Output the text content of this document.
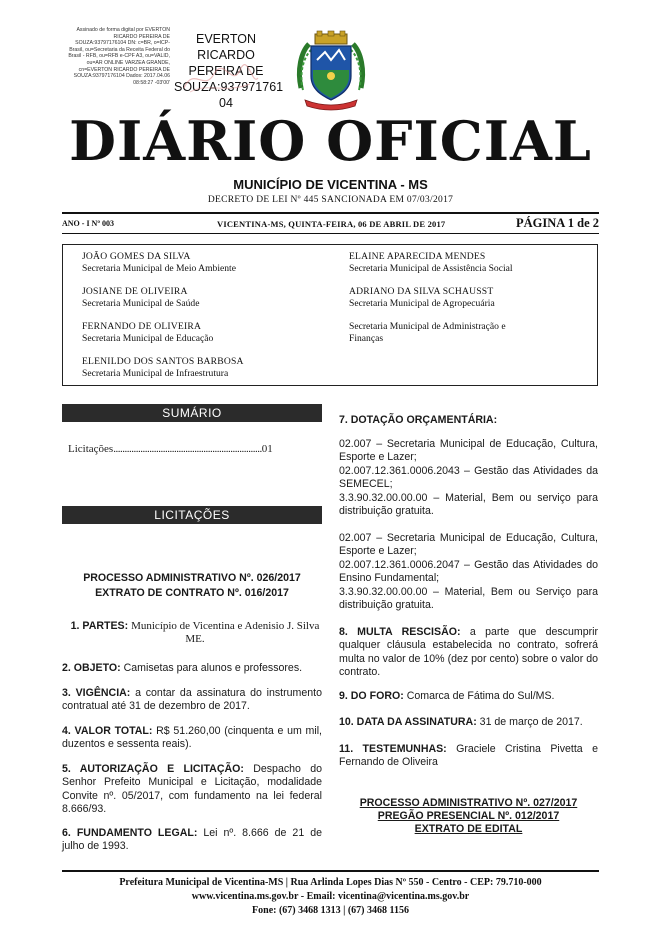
Assinado de forma digital por EVERTON RICARDO PEREIRA DE SOUZA:93797176104 DN: c=BR, o=ICP-Brasil, ou=Secretaria da Receita Federal do Brasil - RFB, ou=RFB e-CPF A3, ou=VALID, ou=AR ONLINE VARZEA GRANDE, cn=EVERTON RICARDO PEREIRA DE SOUZA:93797176104 Dados: 2017.04.06 08:58:27 -03'00'
EVERTON RICARDO
PEREIRA DE
SOUZA:937971761
04
DIÁRIO OFICIAL
MUNICÍPIO DE VICENTINA - MS
DECRETO DE LEI Nº 445 SANCIONADA EM 07/03/2017
ANO - I Nº 003	VICENTINA-MS, QUINTA-FEIRA, 06 DE ABRIL DE 2017	PÁGINA 1 de 2
JOÃO GOMES DA SILVA
Secretaria Municipal de Meio Ambiente
ELAINE APARECIDA MENDES
Secretaria Municipal de Assistência Social
JOSIANE DE OLIVEIRA
Secretaria Municipal de Saúde
ADRIANO DA SILVA SCHAUSST
Secretaria Municipal de Agropecuária
FERNANDO DE OLIVEIRA
Secretaria Municipal de Educação
Secretaria Municipal de Administração e Finanças
ELENILDO DOS SANTOS BARBOSA
Secretaria Municipal de Infraestrutura
SUMÁRIO
Licitações..................................................................01
LICITAÇÕES
PROCESSO ADMINISTRATIVO Nº. 026/2017
EXTRATO DE CONTRATO Nº. 016/2017
1. PARTES: Município de Vicentina e Adenisio J. Silva ME.

2. OBJETO: Camisetas para alunos e professores.

3. VIGÊNCIA: a contar da assinatura do instrumento contratual até 31 de dezembro de 2017.

4. VALOR TOTAL: R$ 51.260,00 (cinquenta e um mil, duzentos e sessenta reais).

5. AUTORIZAÇÃO E LICITAÇÃO: Despacho do Senhor Prefeito Municipal e Licitação, modalidade Convite nº. 05/2017, com fundamento na lei federal 8.666/93.

6. FUNDAMENTO LEGAL: Lei nº. 8.666 de 21 de julho de 1993.

7. DOTAÇÃO ORÇAMENTÁRIA:

02.007 – Secretaria Municipal de Educação, Cultura, Esporte e Lazer;

02.007.12.361.0006.2043 – Gestão das Atividades da SEMECEL;

3.3.90.32.00.00.00 – Material, Bem ou serviço para distribuição gratuita.

02.007 – Secretaria Municipal de Educação, Cultura, Esporte e Lazer;

02.007.12.361.0006.2047 – Gestão das Atividades do Ensino Fundamental;

3.3.90.32.00.00.00 – Material, Bem ou Serviço para distribuição gratuita.

8. MULTA RESCISÃO: a parte que descumprir qualquer cláusula estabelecida no contrato, sofrerá multa no valor de 10% (dez por cento) sobre o valor do contrato.

9. DO FORO: Comarca de Fátima do Sul/MS.

10. DATA DA ASSINATURA: 31 de março de 2017.

11. TESTEMUNHAS: Graciele Cristina Pivetta e Fernando de Oliveira

PROCESSO ADMINISTRATIVO Nº. 027/2017
PREGÃO PRESENCIAL Nº. 012/2017
EXTRATO DE EDITAL
Prefeitura Municipal de Vicentina-MS | Rua Arlinda Lopes Dias Nº 550 - Centro - CEP: 79.710-000
www.vicentina.ms.gov.br - Email: vicentina@vicentina.ms.gov.br
Fone: (67) 3468 1313 | (67) 3468 1156
